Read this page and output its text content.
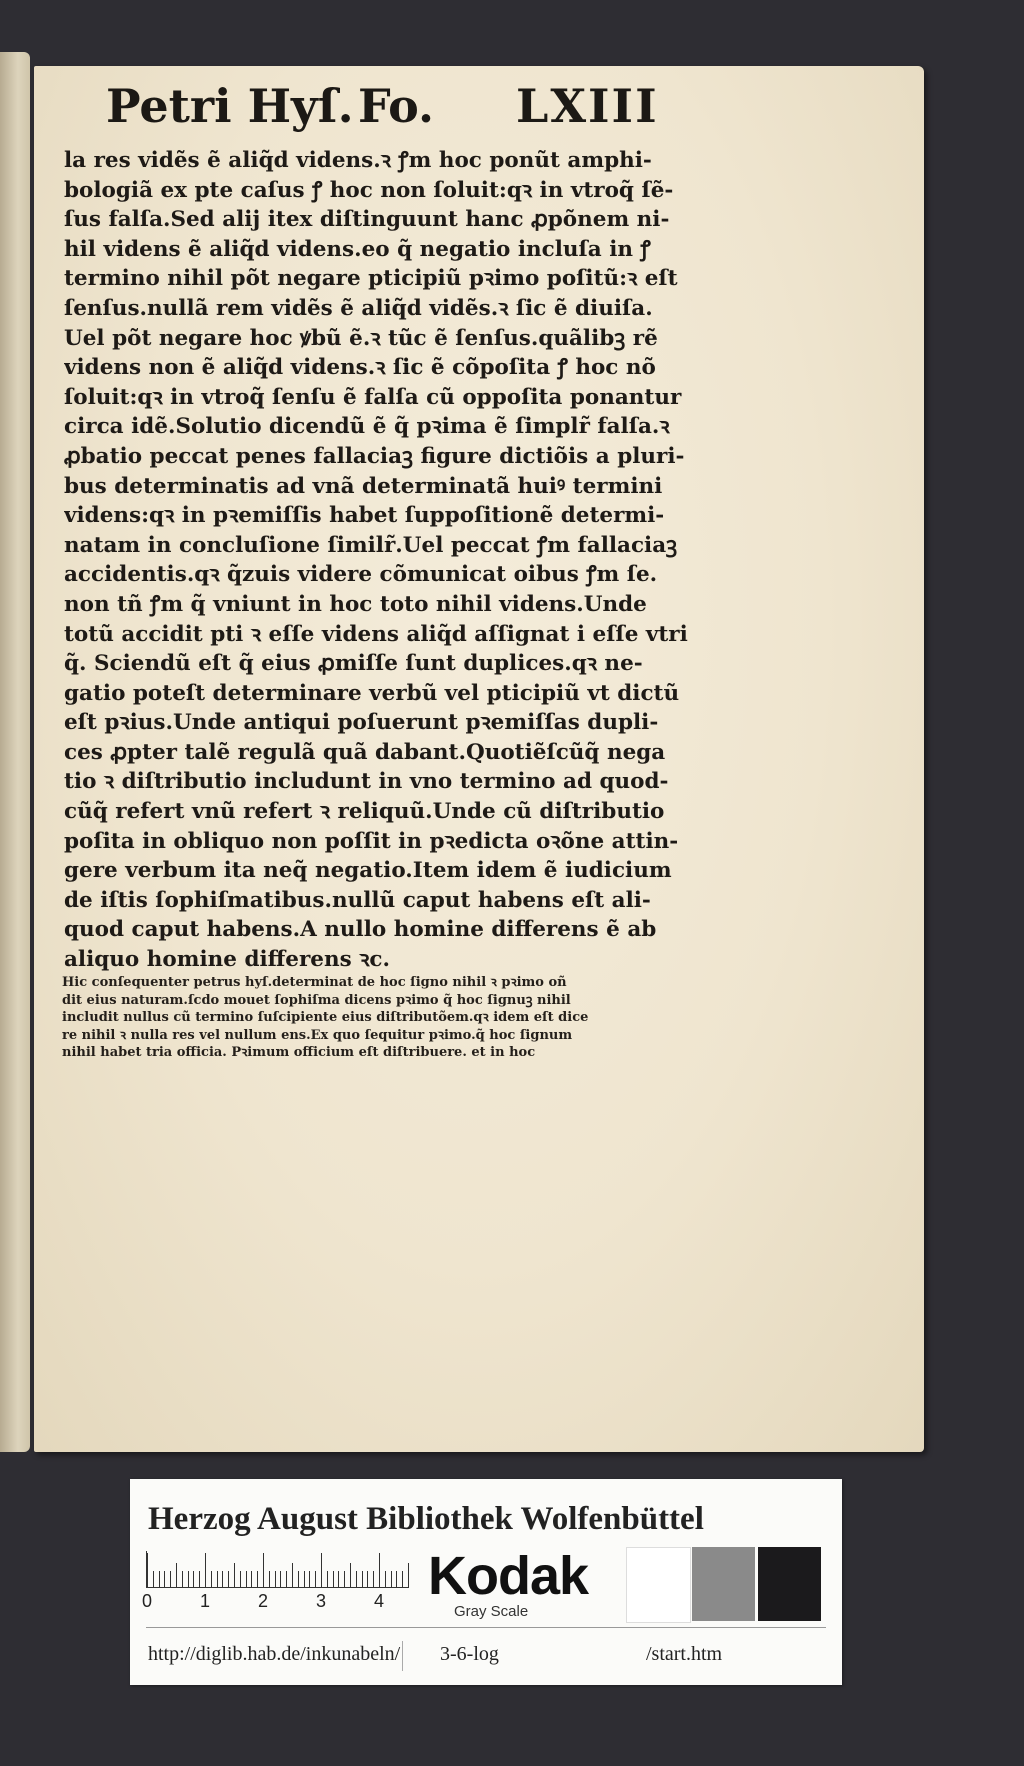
Petri Hyſ. Fo. LXIII
la res vidẽs ẽ aliq̃d videns.ꝛ ꝭm hoc ponũt amphi-
bologiã ex pte caſus ꝭ hoc non ſoluit:qꝛ in vtroq̃ ſẽ-
ſus falſa.Sed alij itex diſtinguunt hanc ꝓpõnem ni-
hil videns ẽ aliq̃d videns.eo q̃ negatio incluſa in ꝭ
termino nihil põt negare pticipiũ pꝛimo poſitũ:ꝛ eſt
ſenſus.nullã rem vidẽs ẽ aliq̃d vidẽs.ꝛ ſic ẽ diuiſa.
Uel põt negare hoc ꝟbũ ẽ.ꝛ tũc ẽ ſenſus.quãlibꝫ rẽ
videns non ẽ aliq̃d videns.ꝛ ſic ẽ cõpoſita ꝭ hoc nõ
ſoluit:qꝛ in vtroq̃ ſenſu ẽ falſa cũ oppoſita ponantur
circa idẽ.Solutio dicendũ ẽ q̃ pꝛima ẽ ſimplr̃ falſa.ꝛ
ꝓbatio peccat penes fallaciaꝫ figure dictiõis a pluri-
bus determinatis ad vnã determinatã huiꝰ termini
videns:qꝛ in pꝛemiſſis habet ſuppoſitionẽ determi-
natam in concluſione ſimilr̃.Uel peccat ꝭm fallaciaꝫ
accidentis.qꝛ q̃zuis videre cõmunicat oibus ꝭm ſe.
non tñ ꝭm q̃ vniunt in hoc toto nihil videns.Unde
totũ accidit pti ꝛ eſſe videns aliq̃d aſſignat i eſſe vtri
q̃. Sciendũ eſt q̃ eius ꝓmiſſe ſunt duplices.qꝛ ne-
gatio poteſt determinare verbũ vel pticipiũ vt dictũ
eſt pꝛius.Unde antiqui poſuerunt pꝛemiſſas dupli-
ces ꝓpter talẽ regulã quã dabant.Quotiẽſcũq̃ nega
tio ꝛ diſtributio includunt in vno termino ad quod-
cũq̃ refert vnũ refert ꝛ reliquũ.Unde cũ diſtributio
poſita in obliquo non poſſit in pꝛedicta oꝛõne attin-
gere verbum ita neq̃ negatio.Item idem ẽ iudicium
de iſtis ſophiſmatibus.nullũ caput habens eſt ali-
quod caput habens.A nullo homine differens ẽ ab
aliquo homine differens ꝛc.
Hic conſequenter petrus hyſ.determinat de hoc ſigno nihil ꝛ pꝛimo oñ
dit eius naturam.ſcdo mouet ſophiſma dicens pꝛimo q̃ hoc ſignuꝫ nihil
includit nullus cũ termino ſuſcipiente eius diſtributõem.qꝛ idem eſt dice
re nihil ꝛ nulla res vel nullum ens.Ex quo ſequitur pꝛimo.q̃ hoc ſignum
nihil habet tria officia. Pꝛimum officium eſt diſtribuere. et in hoc
Herzog August Bibliothek Wolfenbüttel
0	1	2	3	4 Kodak
Gray Scale
http://diglib.hab.de/inkunabeln/ 3-6-log	/start.htm
